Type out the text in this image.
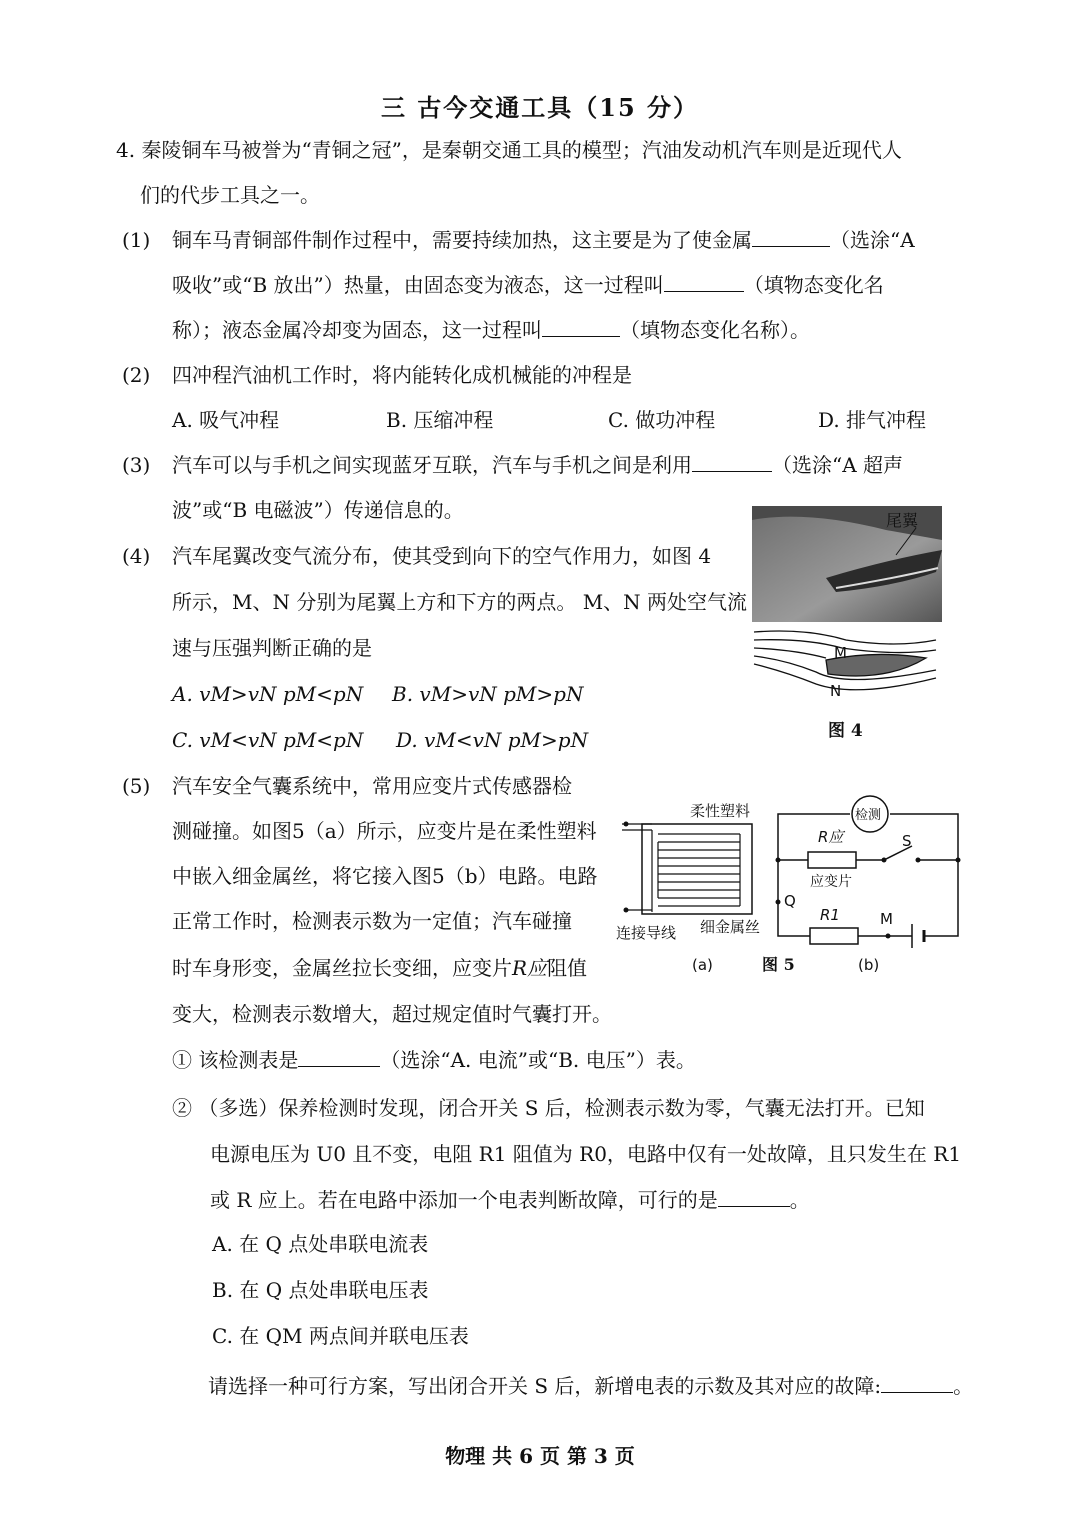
三 古今交通工具（15 分）
4. 秦陵铜车马被誉为“青铜之冠”，是秦朝交通工具的模型；汽油发动机汽车则是近现代人
们的代步工具之一。
(1) 铜车马青铜部件制作过程中，需要持续加热，这主要是为了使金属	（选涂“A
吸收”或“B 放出”）热量，由固态变为液态，这一过程叫	（填物态变化名
称）；液态金属冷却变为固态，这一过程叫	（填物态变化名称）。
(2) 四冲程汽油机工作时，将内能转化成机械能的冲程是
A. 吸气冲程	B. 压缩冲程	C. 做功冲程	D. 排气冲程
(3) 汽车可以与手机之间实现蓝牙互联，汽车与手机之间是利用	（选涂“A 超声
波”或“B 电磁波”）传递信息的。
(4) 汽车尾翼改变气流分布，使其受到向下的空气作用力，如图 4
所示，M、N 分别为尾翼上方和下方的两点。 M、N 两处空气流
速与压强判断正确的是
A. vM>vN pM<pN B. vM>vN pM>pN
C. vM<vN pM<pN D. vM<vN pM>pN
尾翼
M
N
图 4
(5) 汽车安全气囊系统中，常用应变片式传感器检
测碰撞。如图5（a）所示，应变片是在柔性塑料
中嵌入细金属丝，将它接入图5（b）电路。电路
正常工作时，检测表示数为一定值；汽车碰撞
时车身形变，金属丝拉长变细，应变片R应阻值
变大，检测表示数增大，超过规定值时气囊打开。
柔性塑料
连接导线 细金属丝
(a)	图 5	(b)
检测
R应	S
应变片
Q
R1	M
① 该检测表是	（选涂“A. 电流”或“B. 电压”）表。
② （多选）保养检测时发现，闭合开关 S 后，检测表示数为零，气囊无法打开。已知
电源电压为 U0 且不变，电阻 R1 阻值为 R0，电路中仅有一处故障，且只发生在 R1
或 R 应上。若在电路中添加一个电表判断故障，可行的是	。
A. 在 Q 点处串联电流表
B. 在 Q 点处串联电压表
C. 在 QM 两点间并联电压表
请选择一种可行方案，写出闭合开关 S 后，新增电表的示数及其对应的故障:	。
物理 共 6 页 第 3 页
